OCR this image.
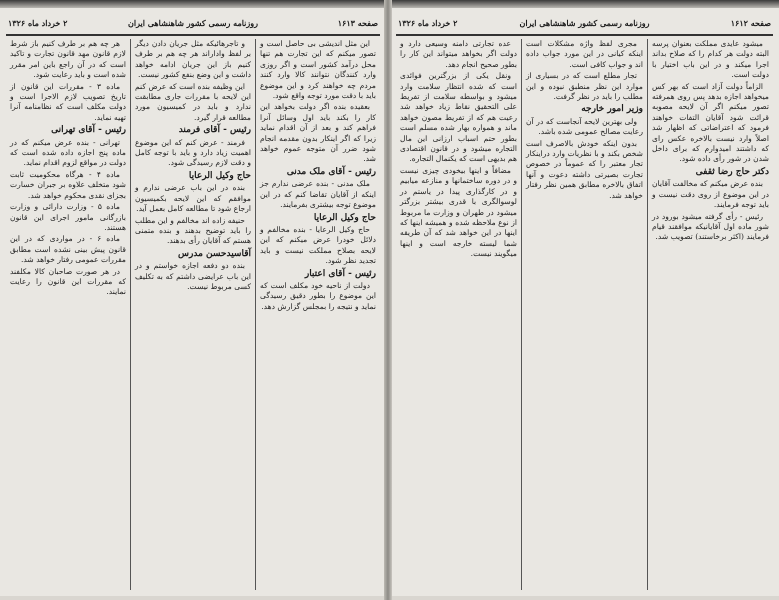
صفحه ۱۶۱۳
روزنامه رسمی کشور شاهنشاهی ایران
۲ خرداد ماه ۱۳۲۶

این مثل اندیشی بی حاصل است و تصور میکنم که این تجارت هم تنها محل درآمد کشور است و اگر روزی وارد کنندگان نتوانند کالا وارد کنند مردم چه خواهند کرد و این موضوع باید با دقت مورد توجه واقع شود.

بعقیده بنده اگر دولت بخواهد این کار را بکند باید اول وسائل آنرا فراهم کند و بعد از آن اقدام نماید زیرا که اگر اینکار بدون مقدمه انجام شود ضرر آن متوجه عموم خواهد شد.

رئیس - آقای ملک مدنی

ملک مدنی - بنده عرضی ندارم جز اینکه از آقایان تقاضا کنم که در این موضوع توجه بیشتری بفرمایند.

حاج وکیل الرعایا

حاج وکیل الرعایا - بنده مخالفم و دلائل خودرا عرض میکنم که این لایحه بصلاح مملکت نیست و باید تجدید نظر شود.

رئیس - آقای اعتبار

دولت از ناحیه خود مکلف است که این موضوع را بطور دقیق رسیدگی نماید و نتیجه را بمجلس گزارش دهد.

و تاجرهائیکه مثل جریان دادن دیگر بر لفظ واداراند هر چه هم بر طرف کنیم باز این جریان ادامه خواهد داشت و این وضع بنفع کشور نیست.

این وظیفه بنده است که عرض کنم این لایحه با مقررات جاری مطابقت ندارد و باید در کمیسیون مورد مطالعه قرار گیرد.

رئیس - آقای فرمند

فرمند - عرض کنم که این موضوع اهمیت زیاد دارد و باید با توجه کامل و دقت لازم رسیدگی شود.

حاج وکیل الرعایا

بنده در این باب عرضی ندارم و موافقم که این لایحه بکمیسیون ارجاع شود تا مطالعه کامل بعمل آید.

حنیفه زاده اند مخالفم و این مطلب را باید توضیح بدهند و بنده متمنی هستم که آقایان رأی بدهند.

آقاسیدحسن مدرس

بنده دو دفعه اجازه خواستم و در این باب عرایضی داشتم که به تکلیف کسی مربوط نیست.

هر چه هم بر طرف کنیم باز شرط لازم قانون مهد قانون تجارت و تاکید است که در آن راجع باین امر مقرر شده است و باید رعایت شود.

ماده ۳ - مقررات این قانون از تاریخ تصویب لازم الاجرا است و دولت مکلف است که نظامنامه آنرا تهیه نماید.

رئیس - آقای تهرانی

تهرانی - بنده عرض میکنم که در ماده پنج اجازه داده شده است که دولت در مواقع لزوم اقدام نماید.

ماده ۴ - هرگاه محکومیت ثابت شود متخلف علاوه بر جبران خسارت بجزای نقدی محکوم خواهد شد.

ماده ۵ - وزارت دارائی و وزارت بازرگانی مامور اجرای این قانون هستند.

ماده ۶ - در مواردی که در این قانون پیش بینی نشده است مطابق مقررات عمومی رفتار خواهد شد.

در هر صورت صاحبان کالا مکلفند که مقررات این قانون را رعایت نمایند.

صفحه ۱۶۱۲
روزنامه رسمی کشور شاهنشاهی ایران
۲ خرداد ماه ۱۳۲۶

میشود عایدی مملکت بعنوان پرسه البته دولت هر کدام را که صلاح بداند اجرا میکند و در این باب اختیار با دولت است.

الزاماً دولت آزاد است که بهر کس میخواهد اجازه بدهد پس روی همرفته تصور میکنم اگر آن لایحه مصوبه قرائت شود آقایان التفات خواهند فرمود که اعتراضاتی که اظهار شد اصلاً وارد نیست بالاخره عکس رای که داشتند امیدوارم که برای داخل شدن در شور رأی داده شود.

دکتر حاج رضا ثقفی

بنده عرض میکنم که مخالفت آقایان در این موضوع از روی دقت نیست و باید توجه فرمایند.

رئیس - رأی گرفته میشود بورود در شور ماده اول آقایانیکه موافقند قیام فرمایند (اکثر برخاستند) تصویب شد.

مجری لفظ واژه مشکلات است اینکه کیانی در این مورد جواب داده اند و جواب کافی است.

تجار مطلع است که در بسیاری از موارد این نظر منطبق نبوده و این مطلب را باید در نظر گرفت.

وزیر امور خارجه

ولی بهترین لایحه آنجاست که در آن رعایت مصالح عمومی شده باشد.

بدون اینکه خودش بالاصرف است شخص بکند و با نظریات وارد دراینکار تجار معتبر را که عموماً در خصوص تجارت بصیرتی داشته دعوت و آنها اتفاق بالاخره مطابق همین نظر رفتار خواهد شد.

عده تجارتی دامنه وسیعی دارد و دولت اگر بخواهد میتواند این کار را بطور صحیح انجام دهد.

ونقل یکی از بزرگترین فوائدی است که شده انتظار سلامت وارد میشود و بواسطه سلامت از تفریط علی التحقیق نقاط زیاد خواهد شد رعیت هم که از تفریط مصون خواهد ماند و همواره بهار شده مسلم است بطور حتم اسباب ارزانی این مال التجاره میشود و در قانون اقتصادی هم بدیهی است که یکنمال التجاره.

مضافاً و اینها بیخودی چیزی نیست و در دوره ساختمانها و منازعه میابیم و در کارگذاری پیدا در یاستم در لوسوالگری با قدری بیشتر بزرگتر میشود در طهران و وزارت ما مربوط از نوع ملاحظه شده و همیشه اینها که اینها در این خواهد شد که آن طریقه شما لیسته خارجه است و اینها میگویند نیست.
